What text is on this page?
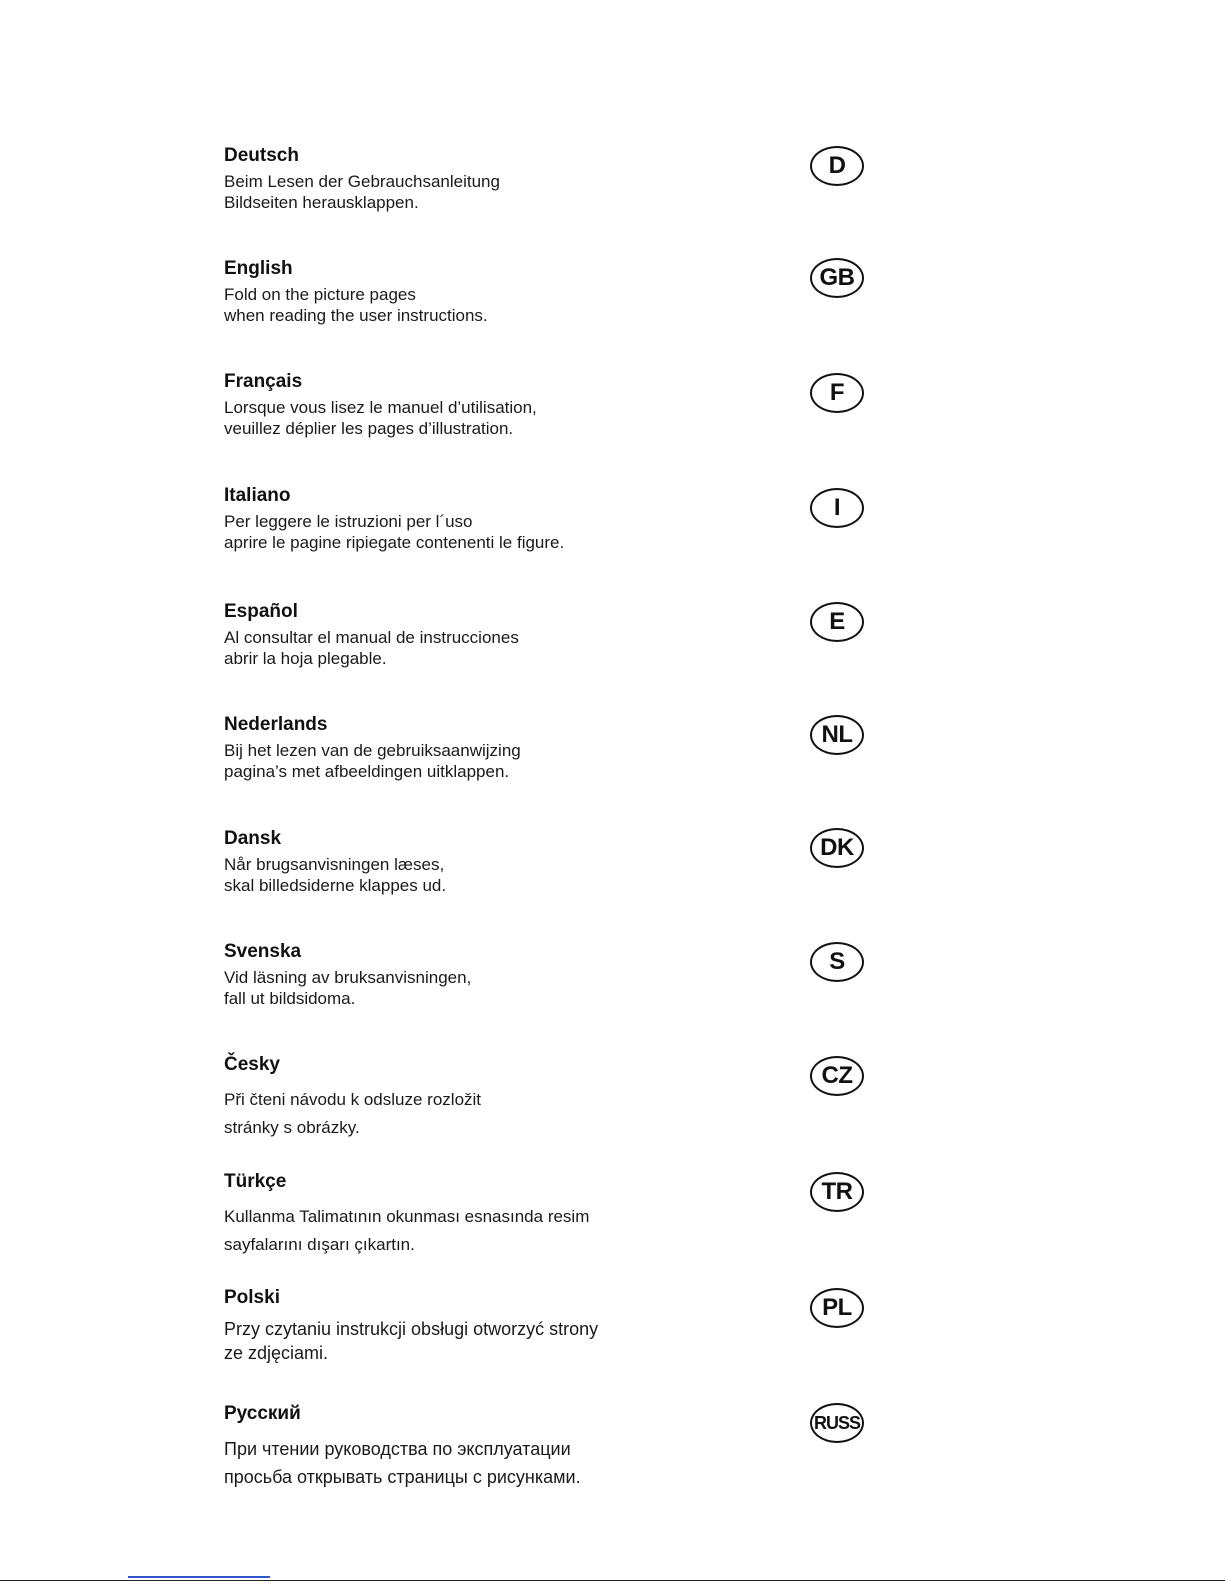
Deutsch
Beim Lesen der Gebrauchsanleitung
Bildseiten herausklappen.
D
English
Fold on the picture pages
when reading the user instructions.
GB
Français
Lorsque vous lisez le manuel d’utilisation,
veuillez déplier les pages d’illustration.
F
Italiano
Per leggere le istruzioni per l´uso
aprire le pagine ripiegate contenenti le figure.
I
Español
Al consultar el manual de instrucciones
abrir la hoja plegable.
E
Nederlands
Bij het lezen van de gebruiksaanwijzing
pagina’s met afbeeldingen uitklappen.
NL
Dansk
Når brugsanvisningen læses,
skal billedsiderne klappes ud.
DK
Svenska
Vid läsning av bruksanvisningen,
fall ut bildsidoma.
S
Česky
Při čteni návodu k odsluze rozložit
stránky s obrázky.
CZ
Türkçe
Kullanma Talimatının okunması esnasında resim
sayfalarını dışarı çıkartın.
TR
Polski
Przy czytaniu instrukcji obsługi otworzyć strony
ze zdjęciami.
PL
Русский
При чтении руководства по эксплуатации
просьба открывать страницы с рисунками.
RUSS
